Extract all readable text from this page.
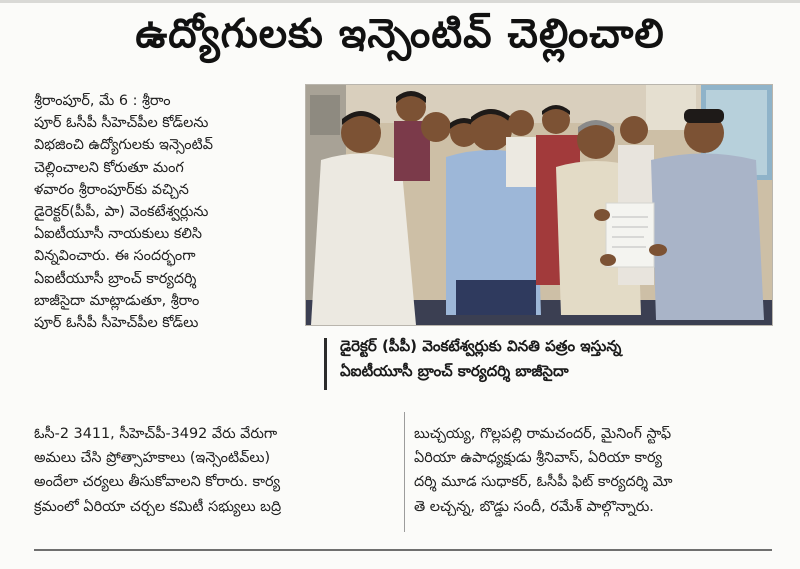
ఉద్యోగులకు ఇన్సెంటివ్ చెల్లించాలి
శ్రీరాంపూర్, మే 6 : శ్రీరాం
పూర్ ఓసీపీ సీహెచ్‌పీల కోడ్‌లను
విభజించి ఉద్యోగులకు ఇన్సెంటివ్
చెల్లించాలని కోరుతూ మంగ
ళవారం శ్రీరాంపూర్‌కు వచ్చిన
డైరెక్టర్(పీపీ, పా) వెంకటేశ్వర్లును
ఏఐటీయూసీ నాయకులు కలిసి
విన్నవించారు. ఈ సందర్భంగా
ఏఐటీయూసీ బ్రాంచ్ కార్యదర్శి
బాజీసైదా మాట్లాడుతూ, శ్రీరాం
పూర్ ఓసీపీ సీహెచ్‌పీల కోడ్‌లు
డైరెక్టర్ (పీపీ) వెంకటేశ్వర్లుకు వినతి పత్రం ఇస్తున్న
ఏఐటీయూసీ బ్రాంచ్ కార్యదర్శి బాజీసైదా
ఓసీ-2 3411, సీహెచ్‌పీ-3492 వేరు వేరుగా
అమలు చేసి ప్రోత్సాహకాలు (ఇన్సెంటివ్‌లు)
అందేలా చర్యలు తీసుకోవాలని కోరారు. కార్య
క్రమంలో ఏరియా చర్చల కమిటీ సభ్యులు బద్రి
బుచ్చయ్య, గొల్లపల్లి రామచందర్, మైనింగ్ స్టాఫ్
ఏరియా ఉపాధ్యక్షుడు శ్రీనివాస్, ఏరియా కార్య
దర్శి మూడ సుధాకర్, ఓసీపీ ఫిట్ కార్యదర్శి మో
తె లచ్చన్న, బొడ్డు సందీ, రమేశ్ పాల్గొన్నారు.
